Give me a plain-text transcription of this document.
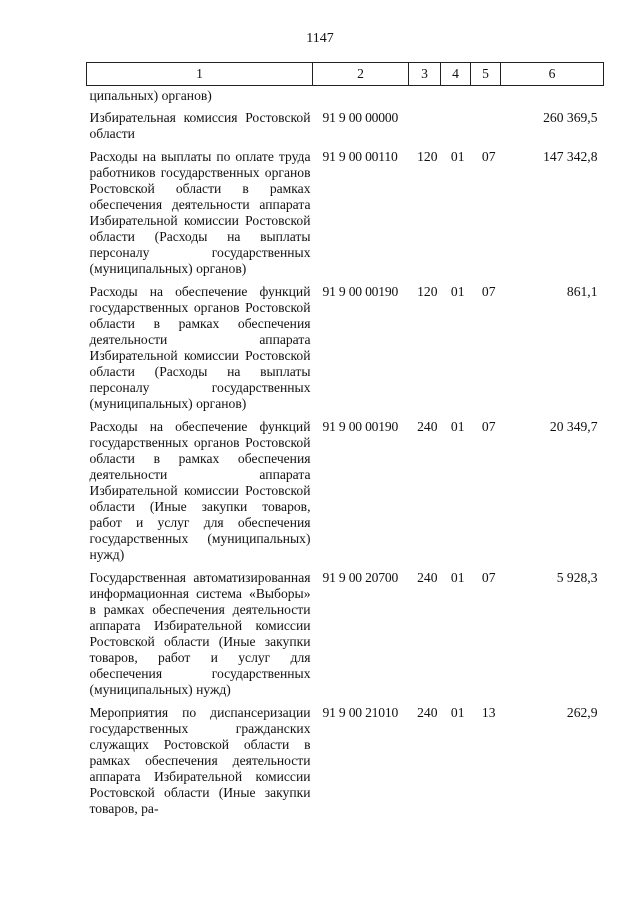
1147
1	2	3	4	5	6
ципальных) органов)					
Избирательная комиссия Ростовской области	91 9 00 00000				260 369,5
Расходы на выплаты по оплате труда работников государственных органов Ростовской области в рамках обеспечения деятельности аппарата Избирательной комиссии Ростовской области (Расходы на выплаты персоналу государственных (муниципальных) органов)	91 9 00 00110	120	01	07	147 342,8
Расходы на обеспечение функций государственных органов Ростовской области в рамках обеспечения деятельности аппарата Избирательной комиссии Ростовской области (Расходы на выплаты персоналу государственных (муниципальных) органов)	91 9 00 00190	120	01	07	861,1
Расходы на обеспечение функций государственных органов Ростовской области в рамках обеспечения деятельности аппарата Избирательной комиссии Ростовской области (Иные закупки товаров, работ и услуг для обеспечения государственных (муниципальных) нужд)	91 9 00 00190	240	01	07	20 349,7
Государственная автоматизированная информационная система «Выборы» в рамках обеспечения деятельности аппарата Избирательной комиссии Ростовской области (Иные закупки товаров, работ и услуг для обеспечения государственных (муниципальных) нужд)	91 9 00 20700	240	01	07	5 928,3
Мероприятия по диспансеризации государственных гражданских служащих Ростовской области в рамках обеспечения деятельности аппарата Избирательной комиссии Ростовской области (Иные закупки товаров, ра-	91 9 00 21010	240	01	13	262,9
